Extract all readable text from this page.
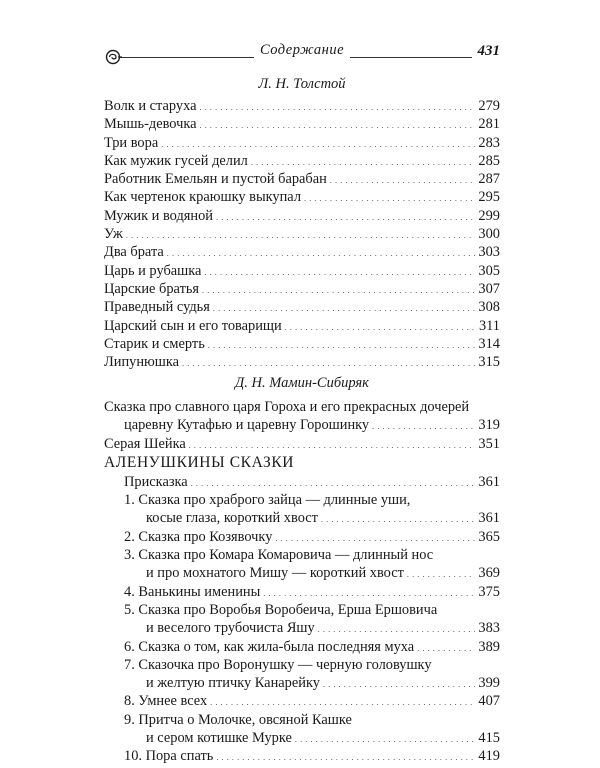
Содержание	431
Л. Н. Толстой
Волк и старуха . . .	279
Мышь-девочка . . .	281
Три вора . . .	283
Как мужик гусей делил . . .	285
Работник Емельян и пустой барабан . . .	287
Как чертенок краюшку выкупал . . .	295
Мужик и водяной . . .	299
Уж . . .	300
Два брата . . .	303
Царь и рубашка . . .	305
Царские братья . . .	307
Праведный судья . . .	308
Царский сын и его товарищи . . .	311
Старик и смерть . . .	314
Липунюшка . . .	315
Д. Н. Мамин-Сибиряк
Сказка про славного царя Гороха и его прекрасных дочерей
царевну Кутафью и царевну Горошинку . . .	319
Серая Шейка . . .	351
АЛЕНУШКИНЫ СКАЗКИ
Присказка . . .	361
1. Сказка про храброго зайца — длинные уши,
косые глаза, короткий хвост . . .	361
2. Сказка про Козявочку . . .	365
3. Сказка про Комара Комаровича — длинный нос
и про мохнатого Мишу — короткий хвост . . .	369
4. Ванькины именины . . .	375
5. Сказка про Воробья Воробеича, Ерша Ершовича
и веселого трубочиста Яшу . . .	383
6. Сказка о том, как жила-была последняя муха . . .	389
7. Сказочка про Воронушку — черную головушку
и желтую птичку Канарейку . . .	399
8. Умнее всех . . .	407
9. Притча о Молочке, овсяной Кашке
и сером котишке Мурке . . .	415
10. Пора спать . . .	419
